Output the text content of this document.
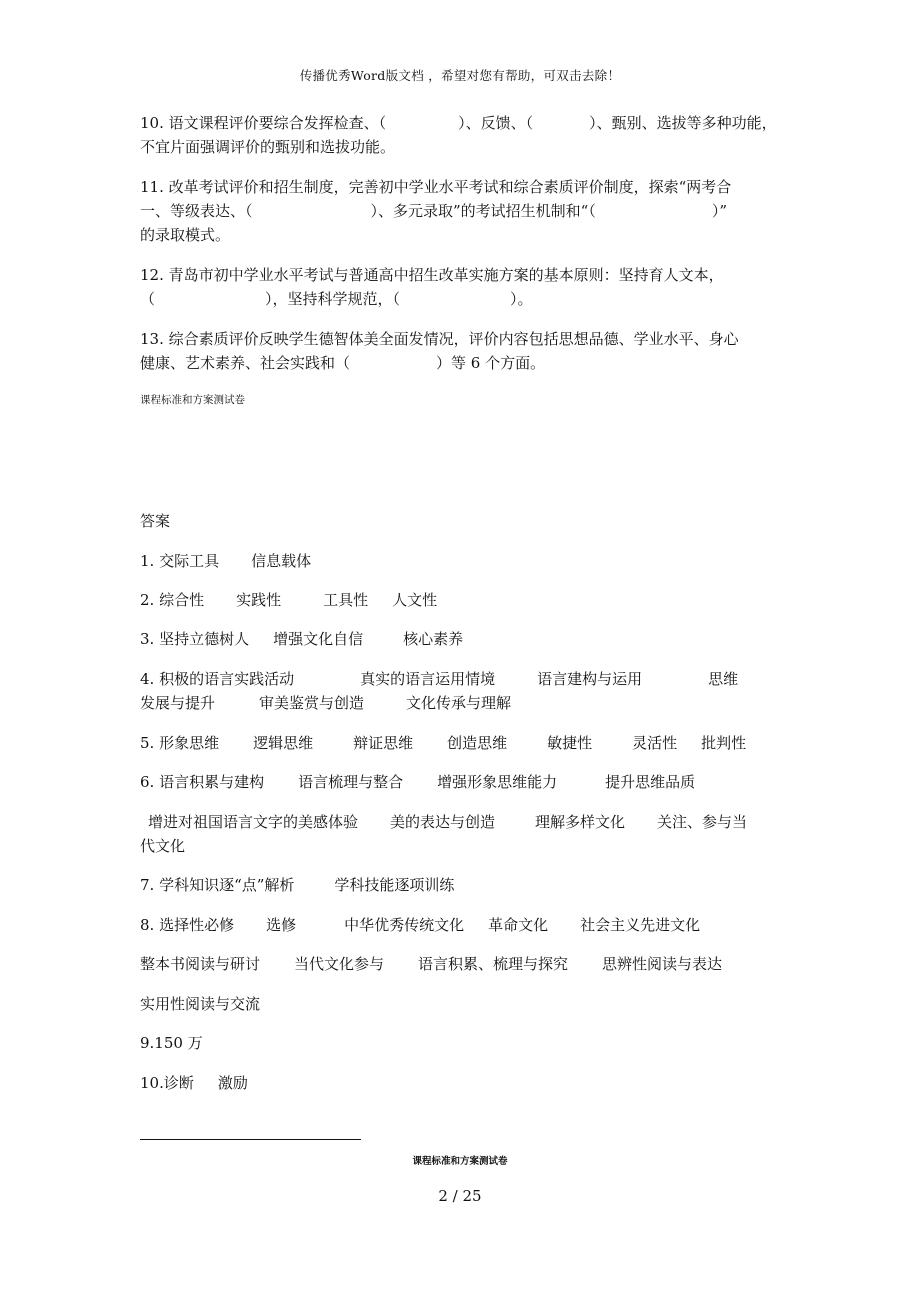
传播优秀Word版文档 ，希望对您有帮助，可双击去除！
10. 语文课程评价要综合发挥检查、（	）、反馈、（	）、甄别、选拔等多种功能，
不宜片面强调评价的甄别和选拔功能。
11. 改革考试评价和招生制度，完善初中学业水平考试和综合素质评价制度，探索“两考合
一、等级表达、（	）、多元录取”的考试招生机制和“（	）”
的录取模式。
12. 青岛市初中学业水平考试与普通高中招生改革实施方案的基本原则：坚持育人文本，
（	），坚持科学规范，（	）。
13. 综合素质评价反映学生德智体美全面发情况，评价内容包括思想品德、学业水平、身心
健康、艺术素养、社会实践和（	）等 6 个方面。
课程标准和方案测试卷
答案
1. 交际工具 信息载体
2. 综合性 实践性	工具性 人文性
3. 坚持立德树人 增强文化自信	核心素养
4. 积极的语言实践活动	真实的语言运用情境	语言建构与运用	思维
发展与提升	审美鉴赏与创造	文化传承与理解
5. 形象思维 逻辑思维	辩证思维 创造思维	敏捷性	灵活性 批判性
6. 语言积累与建构 语言梳理与整合 增强形象思维能力	提升思维品质
增进对祖国语言文字的美感体验 美的表达与创造	理解多样文化 关注、参与当
代文化
7. 学科知识逐“点”解析	学科技能逐项训练
8. 选择性必修 选修	中华优秀传统文化 革命文化 社会主义先进文化
整本书阅读与研讨 当代文化参与 语言积累、梳理与探究 思辨性阅读与表达
实用性阅读与交流
9.150 万
10.诊断 激励
课程标准和方案测试卷
2 / 25
